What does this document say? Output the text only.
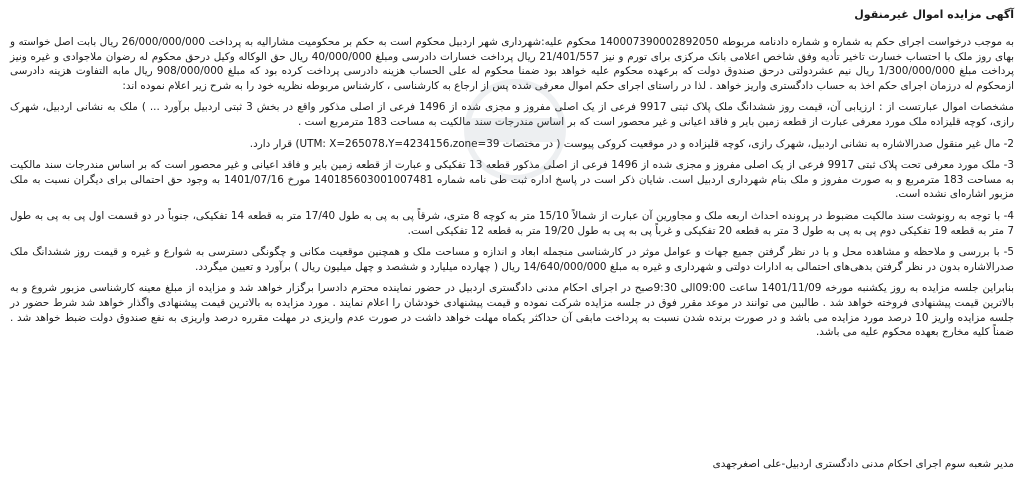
آگهی مزایده اموال غیرمنقول

به موجب درخواست اجرای حکم به شماره و شماره دادنامه مربوطه 140007390002892050 محکوم علیه:شهرداری شهر اردبیل محکوم است به حکم بر محکومیت مشارالیه به پرداخت 26/000/000/000 ریال بابت اصل خواسته و بهای روز ملک با احتساب خسارت تاخیر تأدیه وفق شاخص اعلامی بانک مرکزی برای تورم و نیز 21/401/557 ریال پرداخت خسارات دادرسی ومبلغ 40/000/000 ریال حق الوکاله وکیل درحق محکوم له رضوان ملاجوادی و غیره ونیز پرداخت مبلغ 1/300/000/000 ریال نیم عشردولتی درحق صندوق دولت که برعهده محکوم علیه خواهد بود ضمنا محکوم له علی الحساب هزینه دادرسی پرداخت کرده بود که مبلغ 908/000/000 ریال مابه التفاوت هزینه دادرسی ازمحکوم له درزمان اجرای حکم اخذ به حساب دادگستری واریز خواهد . لذا در راستای اجرای حکم اموال معرفی شده پس از ارجاع به کارشناسی ، کارشناس مربوطه نظریه خود را به شرح زیر اعلام نموده اند:

مشخصات اموال عبارتست از : ارزیابی آن، قیمت روز ششدانگ ملک پلاک ثبتی 9917 فرعی از یک اصلی مفروز و مجزی شده از 1496 فرعی از اصلی مذکور واقع در بخش 3 ثبتی اردبیل برآورد ... ) ملک به نشانی اردبیل، شهرک رازی، کوچه قلیزاده ملک مورد معرفی عبارت از قطعه زمین بایر و فاقد اعیانی و غیر محصور است که بر اساس مندرجات سند مالکیت به مساحت 183 مترمربع است .

2- مال غیر منقول صدرالاشاره به نشانی اردبیل، شهرک رازی، کوچه قلیزاده و در موقعیت کروکی پیوست ( در مختصات UTM: X=265078،Y=4234156،zone=39) قرار دارد.

3- ملک مورد معرفی تحت پلاک ثبتی 9917 فرعی از یک اصلی مفروز و مجزی شده از 1496 فرعی از اصلی مذکور قطعه 13 تفکیکی و عبارت از قطعه زمین بایر و فاقد اعیانی و غیر محصور است که بر اساس مندرجات سند مالکیت به مساحت 183 مترمربع و به صورت مفروز و ملک بنام شهرداری اردبیل است. شایان ذکر است در پاسخ اداره ثبت طی نامه شماره 140185603001007481 مورخ 1401/07/16 به وجود حق احتمالی برای دیگران نسبت به ملک مزبور اشاره‌ای نشده است.

4- با توجه به رونوشت سند مالکیت مضبوط در پرونده احداث اربعه ملک و مجاورین آن عبارت از شمالاً 15/10 متر به کوچه 8 متری، شرقاً پی به پی به طول 17/40 متر به قطعه 14 تفکیکی، جنوباً در دو قسمت اول پی به پی به طول 7 متر به قطعه 19 تفکیکی دوم پی به پی به طول 3 متر به قطعه 20 تفکیکی و غرباً پی به پی به طول 19/20 متر به قطعه 12 تفکیکی است.

5- با بررسی و ملاحظه و مشاهده محل و با در نظر گرفتن جمیع جهات و عوامل موثر در کارشناسی منجمله ابعاد و اندازه و مساحت ملک و همچنین موقعیت مکانی و چگونگی دسترسی به شوارع و غیره و قیمت روز ششدانگ ملک صدرالاشاره بدون در نظر گرفتن بدهی‌های احتمالی به ادارات دولتی و شهرداری و غیره به مبلغ 14/640/000/000 ریال ( چهارده میلیارد و ششصد و چهل میلیون ریال ) برآورد و تعیین میگردد.

بنابراین جلسه مزایده به روز یکشنبه مورخه 1401/11/09 ساعت 09:00الی 9:30صبح در اجرای احکام مدنی دادگستری اردبیل در حضور نماینده محترم دادسرا برگزار خواهد شد و مزایده از مبلغ معینه کارشناسی مزبور شروع و به بالاترین قیمت پیشنهادی فروخته خواهد شد . طالبین می توانند در موعد مقرر فوق در جلسه مزایده شرکت نموده و قیمت پیشنهادی خودشان را اعلام نمایند . مورد مزایده به بالاترین قیمت پیشنهادی واگذار خواهد شد شرط حضور در جلسه مزایده واریز 10 درصد مورد مزایده می باشد و در صورت برنده شدن نسبت به پرداخت مابقی آن حداکثر یکماه مهلت خواهد داشت در صورت عدم واریزی در مهلت مقرره درصد واریزی به نفع صندوق دولت ضبط خواهد شد . ضمناً کلیه مخارج بعهده محکوم علیه می باشد.

مدیر شعبه سوم اجرای احکام مدنی دادگستری اردبیل-علی اصغرجهدی
